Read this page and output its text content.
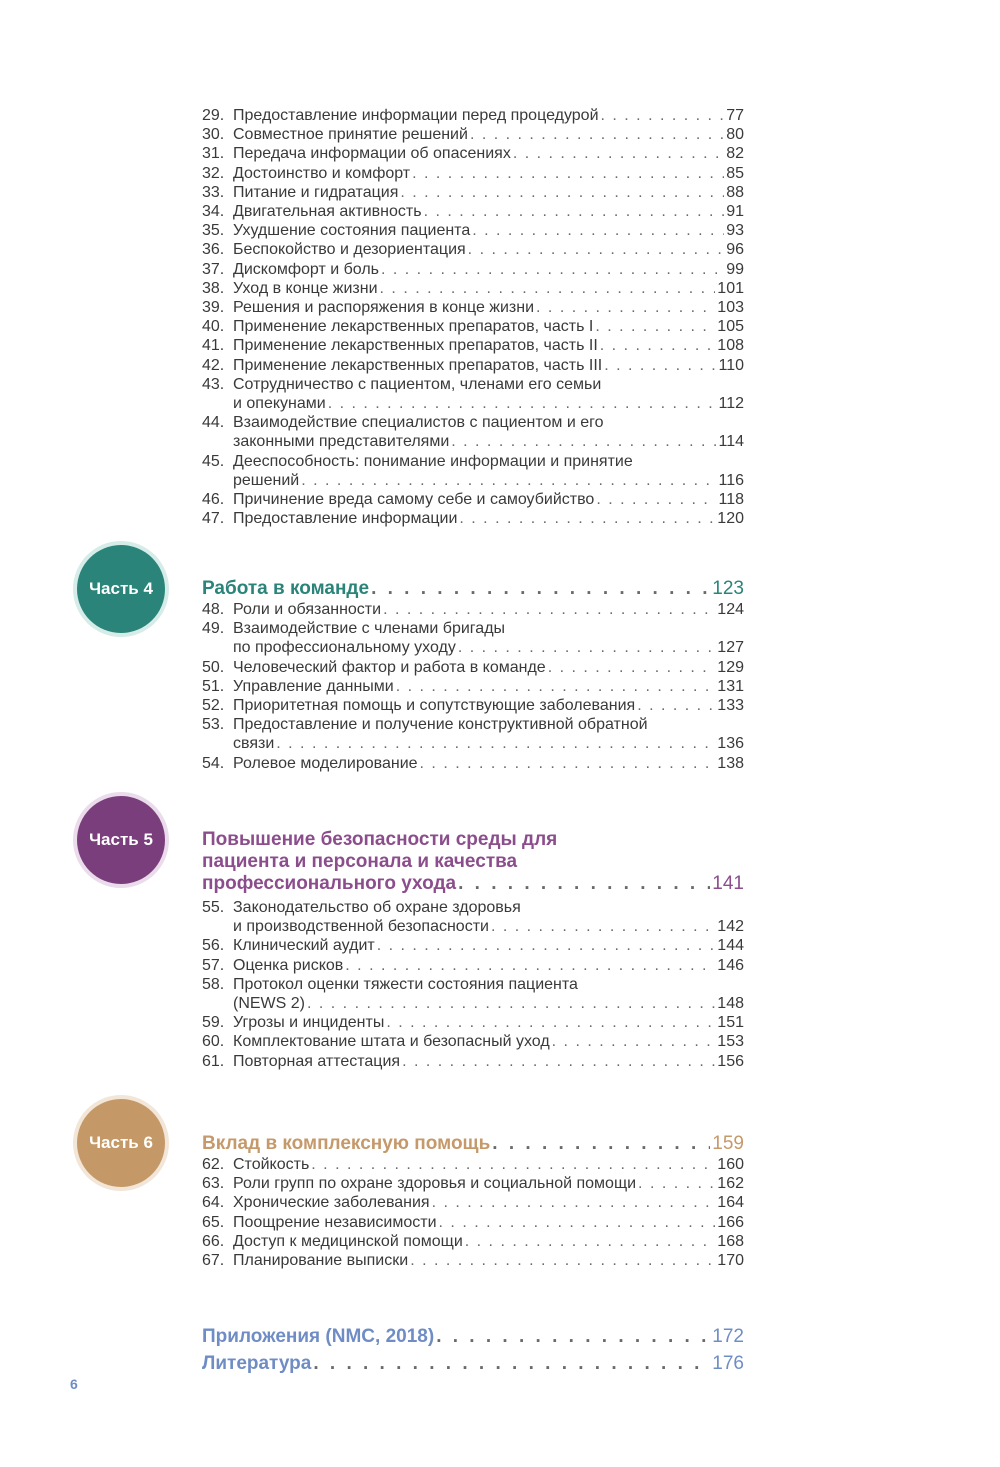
29. Предоставление информации перед процедурой . . .	77
30. Совместное принятие решений . . .	80
31. Передача информации об опасениях . . .	82
32. Достоинство и комфорт . . .	85
33. Питание и гидратация . . .	88
34. Двигательная активность . . .	91
35. Ухудшение состояния пациента . . .	93
36. Беспокойство и дезориентация . . .	96
37. Дискомфорт и боль . . .	99
38. Уход в конце жизни . . .	101
39. Решения и распоряжения в конце жизни . . .	103
40. Применение лекарственных препаратов, часть I . . .	105
41. Применение лекарственных препаратов, часть II . . .	108
42. Применение лекарственных препаратов, часть III . . .	110
43. Сотрудничество с пациентом, членами его семьи
и опекунами . . .	112
44. Взаимодействие специалистов с пациентом и его
законными представителями . . .	114
45. Дееспособность: понимание информации и принятие
решений . . .	116
46. Причинение вреда самому себе и самоубийство . . .	118
47. Предоставление информации . . .	120
Часть 4	Работа в команде . . .	123
48. Роли и обязанности . . .	124
49. Взаимодействие с членами бригады
по профессиональному уходу . . .	127
50. Человеческий фактор и работа в команде . . .	129
51. Управление данными . . .	131
52. Приоритетная помощь и сопутствующие заболевания . . .	133
53. Предоставление и получение конструктивной обратной
связи . . .	136
54. Ролевое моделирование . . .	138
Часть 5	Повышение безопасности среды для
пациента и персонала и качества
профессионального ухода . . .	141
55. Законодательство об охране здоровья
и производственной безопасности . . .	142
56. Клинический аудит . . .	144
57. Оценка рисков . . .	146
58. Протокол оценки тяжести состояния пациента
(NEWS 2) . . .	148
59. Угрозы и инциденты . . .	151
60. Комплектование штата и безопасный уход . . .	153
61. Повторная аттестация . . .	156
Часть 6	Вклад в комплексную помощь . . .	159
62. Стойкость . . .	160
63. Роли групп по охране здоровья и социальной помощи . . .	162
64. Хронические заболевания . . .	164
65. Поощрение независимости . . .	166
66. Доступ к медицинской помощи . . .	168
67. Планирование выписки . . .	170
Приложения (NMC, 2018) . . .	172
Литература . . .	176
6
